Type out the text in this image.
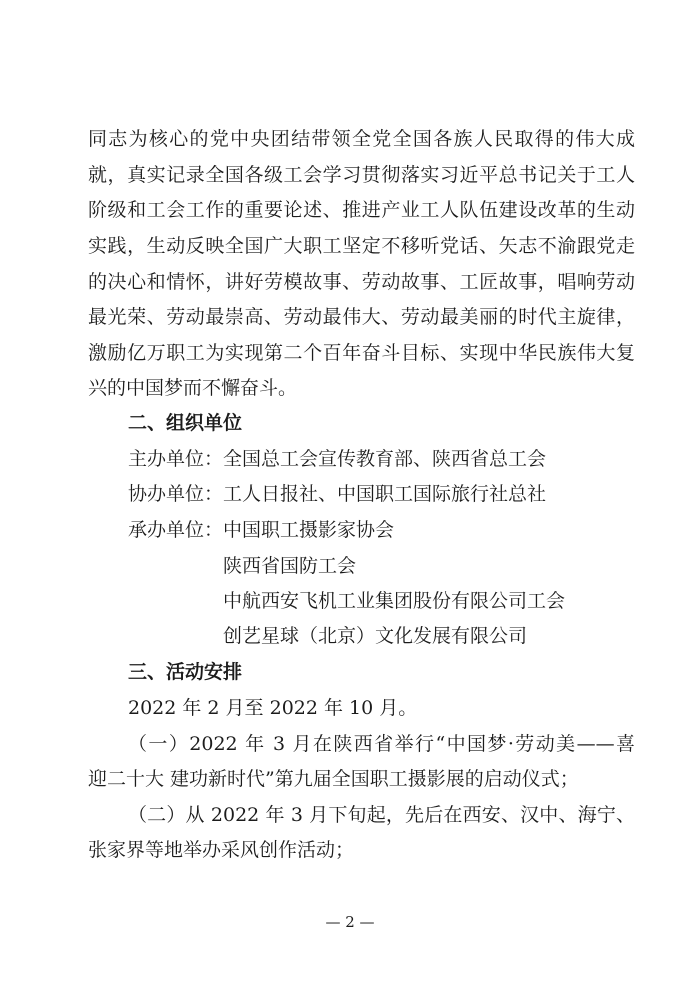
同志为核心的党中央团结带领全党全国各族人民取得的伟大成
就，真实记录全国各级工会学习贯彻落实习近平总书记关于工人
阶级和工会工作的重要论述、推进产业工人队伍建设改革的生动
实践，生动反映全国广大职工坚定不移听党话、矢志不渝跟党走
的决心和情怀，讲好劳模故事、劳动故事、工匠故事，唱响劳动
最光荣、劳动最崇高、劳动最伟大、劳动最美丽的时代主旋律，
激励亿万职工为实现第二个百年奋斗目标、实现中华民族伟大复
兴的中国梦而不懈奋斗。
二、组织单位
主办单位：全国总工会宣传教育部、陕西省总工会
协办单位：工人日报社、中国职工国际旅行社总社
承办单位：中国职工摄影家协会
陕西省国防工会
中航西安飞机工业集团股份有限公司工会
创艺星球（北京）文化发展有限公司
三、活动安排
2022 年 2 月至 2022 年 10 月。
（一）2022 年 3 月在陕西省举行“中国梦·劳动美——喜
迎二十大 建功新时代”第九届全国职工摄影展的启动仪式；
（二）从 2022 年 3 月下旬起，先后在西安、汉中、海宁、
张家界等地举办采风创作活动；
— 2 —
